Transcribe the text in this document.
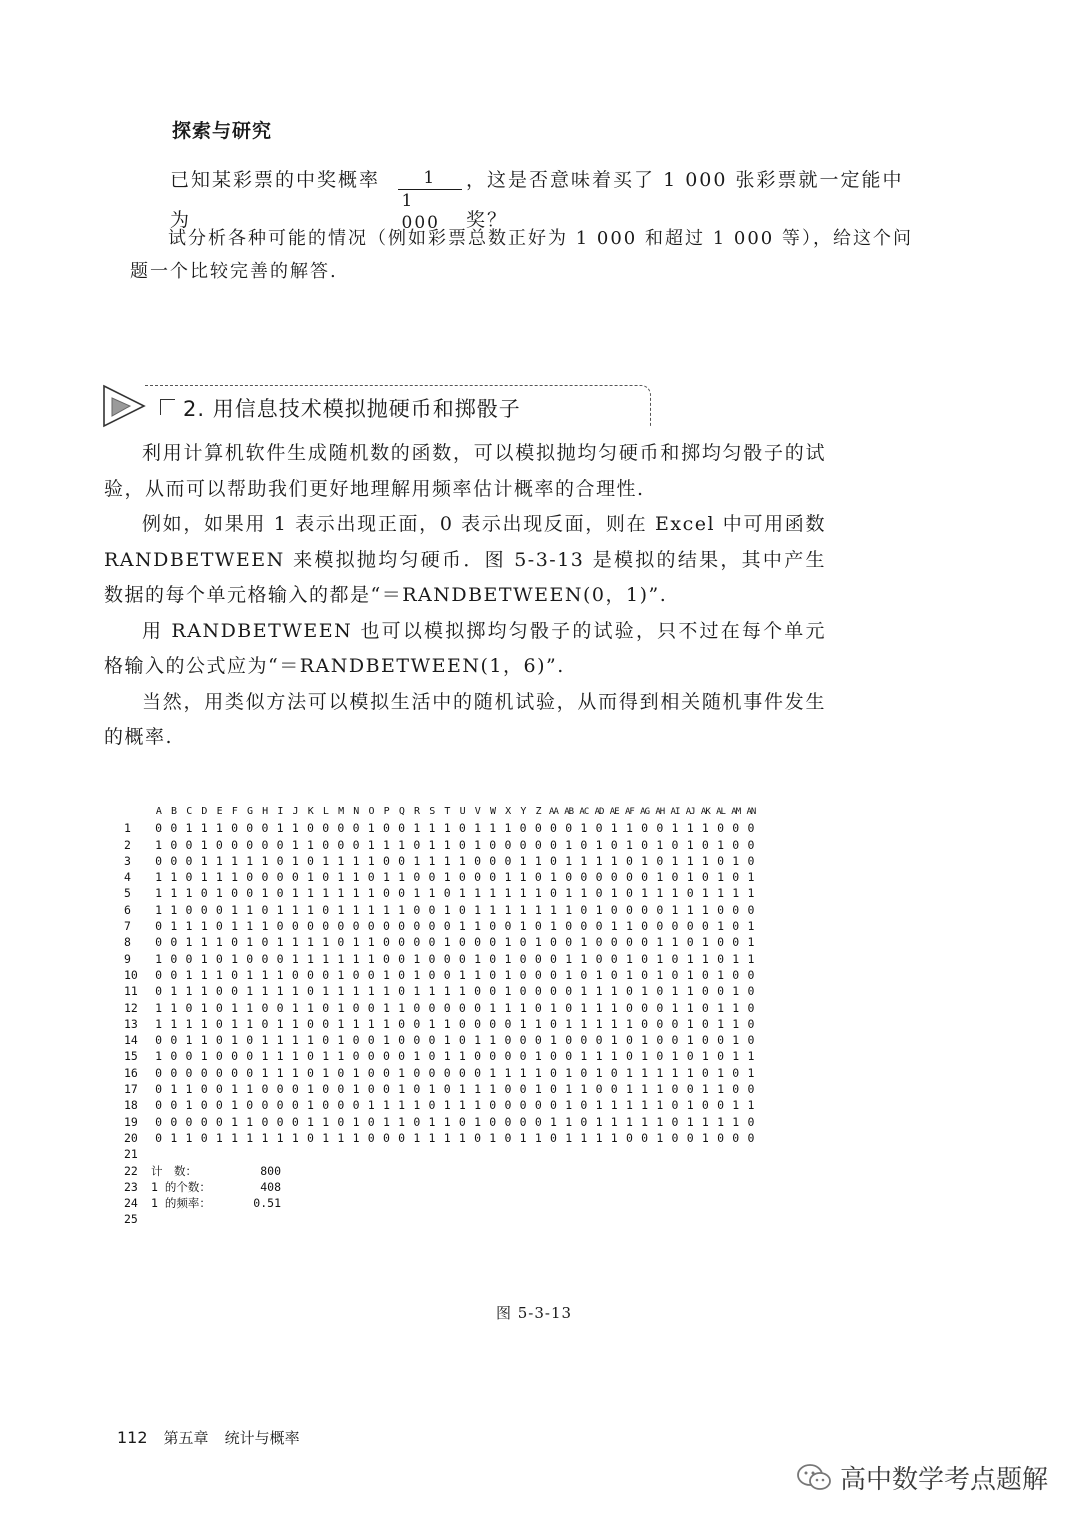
探索与研究
已知某彩票的中奖概率为	$\frac{1}{1 000}$ ，这是否意味着买了 1 000 张彩票就一定能中奖？
试分析各种可能的情况（例如彩票总数正好为 1 000 和超过 1 000 等），给这个问题一个比较完善的解答.
2. 用信息技术模拟抛硬币和掷骰子

利用计算机软件生成随机数的函数，可以模拟抛均匀硬币和掷均匀骰子的试验，从而可以帮助我们更好地理解用频率估计概率的合理性.

例如，如果用 1 表示出现正面，0 表示出现反面，则在 Excel 中可用函数 RANDBETWEEN 来模拟抛均匀硬币．图 5-3-13 是模拟的结果，其中产生数据的每个单元格输入的都是“＝RANDBETWEEN(0，1)”.

用 RANDBETWEEN 也可以模拟掷均匀骰子的试验，只不过在每个单元格输入的公式应为“＝RANDBETWEEN(1，6)”.

当然，用类似方法可以模拟生活中的随机试验，从而得到相关随机事件发生的概率.

A B C D E F G H I J K L M N O P Q R S T U V W X Y Z AA AB AC AD AE AF AG AH AI AJ AK AL AM AN
1	0 0 1 1 1 0 0 0 1 1 0 0 0 0 1 0 0 1 1 1 0 1 1 1 0 0 0 0 1 0 1 1 0 0 1 1 1 0 0 0
2	1 0 0 1 0 0 0 0 0 1 1 0 0 0 1 1 1 0 1 1 0 1 0 0 0 0 0 1 0 1 0 1 0 1 0 1 0 1 0 0
3	0 0 0 1 1 1 1 1 0 1 0 1 1 1 1 0 0 1 1 1 1 0 0 0 1 1 0 1 1 1 1 0 1 0 1 1 1 0 1 0
4	1 1 0 1 1 1 0 0 0 0 1 0 1 1 0 1 1 0 0 1 0 0 0 1 1 0 1 0 0 0 0 0 0 1 0 1 0 1 0 1
5	1 1 1 0 1 0 0 1 0 1 1 1 1 1 1 0 0 1 1 0 1 1 1 1 1 1 0 1 1 0 1 0 1 1 1 0 1 1 1 1
6	1 1 0 0 0 1 1 0 1 1 1 0 1 1 1 1 1 0 0 1 0 1 1 1 1 1 1 1 0 1 0 0 0 0 1 1 1 0 0 0
7	0 1 1 1 0 1 1 1 0 0 0 0 0 0 0 0 0 0 0 0 1 1 0 0 1 0 1 0 0 0 1 1 0 0 0 0 0 1 0 1
8	0 0 1 1 1 0 1 0 1 1 1 1 0 1 1 0 0 0 0 1 0 0 0 1 0 1 0 0 1 0 0 0 0 1 1 0 1 0 0 1
9	1 0 0 1 0 1 0 0 0 1 1 1 1 1 1 0 0 1 0 0 0 1 0 1 0 0 0 1 1 0 0 1 0 1 0 1 1 0 1 1
10	0 0 1 1 1 0 1 1 1 0 0 0 1 0 0 1 0 1 0 0 1 1 0 1 0 0 0 1 0 1 0 1 0 1 0 1 0 1 0 0
11	0 1 1 1 0 0 1 1 1 1 0 1 1 1 1 1 0 1 1 1 1 0 0 1 0 0 0 0 1 1 1 0 1 0 1 1 0 0 1 0
12	1 1 0 1 0 1 1 0 0 1 1 0 1 0 0 1 1 0 0 0 0 0 1 1 1 0 1 0 1 1 1 0 0 0 1 1 0 1 1 0
13	1 1 1 1 0 1 1 0 1 1 0 0 1 1 1 1 0 0 1 1 0 0 0 0 1 1 0 1 1 1 1 1 0 0 0 1 0 1 1 0
14	0 0 1 1 0 1 0 1 1 1 1 0 1 0 0 1 0 0 0 1 0 1 1 0 0 0 1 0 0 0 1 0 1 0 0 1 0 0 1 0
15	1 0 0 1 0 0 0 1 1 1 0 1 1 0 0 0 0 1 0 1 1 0 0 0 0 1 0 0 1 1 1 0 1 0 1 0 1 0 1 1
16	0 0 0 0 0 0 0 1 1 1 0 1 0 1 0 0 1 0 0 0 0 0 1 1 1 1 0 1 0 1 0 1 1 1 1 1 0 1 0 1
17	0 1 1 0 0 1 1 0 0 0 1 0 0 1 0 0 1 0 1 0 1 1 1 0 0 1 0 1 1 0 0 1 1 1 0 0 1 1 0 0
18	0 0 1 0 0 1 0 0 0 0 1 0 0 0 1 1 1 1 0 1 1 1 0 0 0 0 0 1 0 1 1 1 1 1 0 1 0 0 1 1
19	0 0 0 0 0 1 1 0 0 0 1 1 0 1 0 1 1 0 1 1 0 1 0 0 0 0 1 1 0 1 1 1 1 1 0 1 1 1 1 0
20	0 1 1 0 1 1 1 1 1 1 0 1 1 1 0 0 0 1 1 1 1 0 1 0 1 1 0 1 1 1 1 0 0 1 0 0 1 0 0 0
21
22	计　数：	800
23	1 的个数：	408
24	1 的频率：	0.51
25
图 5-3-13
112 第五章 统计与概率
高中数学考点题解
